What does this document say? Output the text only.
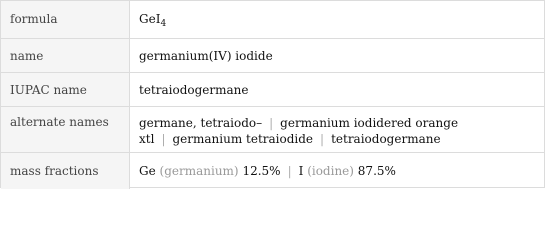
formula	GeI$_4$
name	germanium(IV) iodide
IUPAC name	tetraiodogermane
alternate names	germane, tetraiodo– | germanium iodidered orange
xtl | germanium tetraiodide | tetraiodogermane
mass fractions	Ge (germanium) 12.5% | I (iodine) 87.5%
